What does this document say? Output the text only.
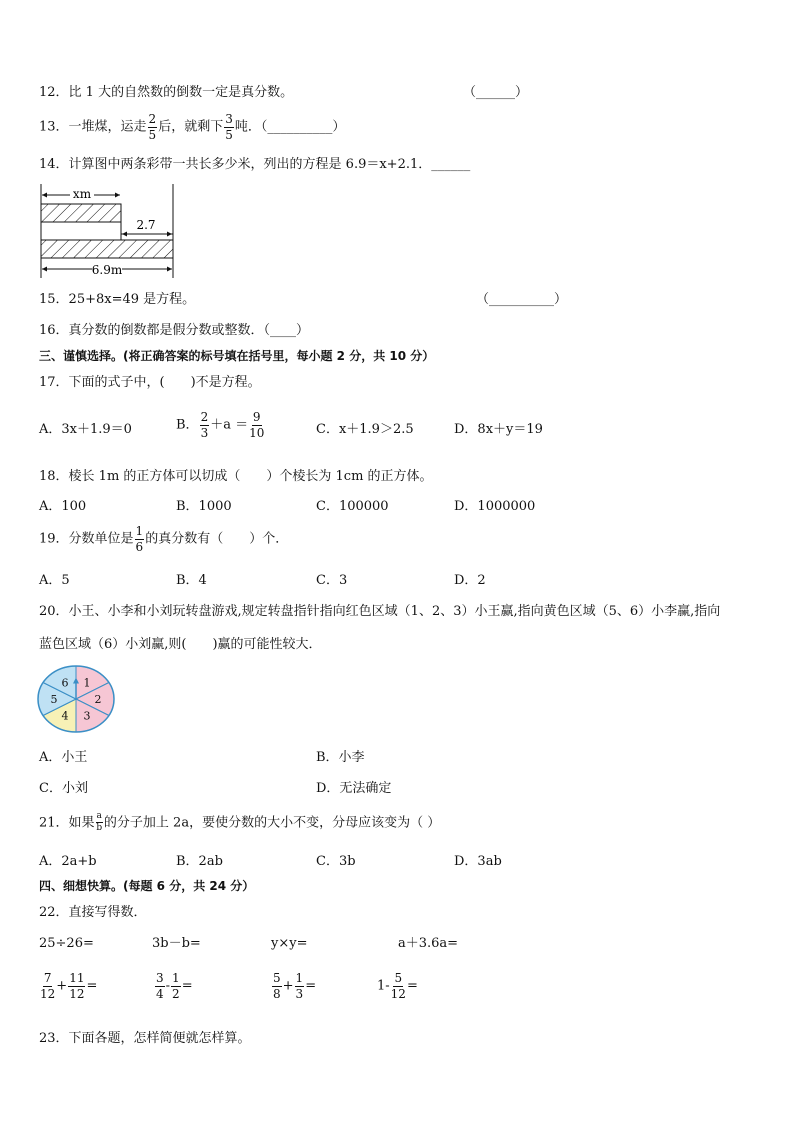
12．比 1 大的自然数的倒数一定是真分数。	（______）
13．一堆煤，运走 $\frac{2}{5}$ 后，就剩下 $\frac{3}{5}$ 吨．（__________）
14．计算图中两条彩带一共长多少米，列出的方程是 6.9＝x+2.1．______
xm
2.7
6.9m
15．25+8x=49 是方程。	（__________）
16．真分数的倒数都是假分数或整数．（____）
三、谨慎选择。(将正确答案的标号填在括号里，每小题 2 分，共 10 分）
17．下面的式子中，(　　)不是方程。
A．3x＋1.9＝0	B． $\frac{2}{3} +a = \frac{9}{10}$	C．x＋1.9＞2.5	D．8x＋y＝19
18．棱长 1m 的正方体可以切成（　　）个棱长为 1cm 的正方体。
A．100	B．1000	C．100000	D．1000000
19．分数单位是 $\frac{1}{6}$ 的真分数有（　　）个．
A．5	B．4	C．3	D．2
20．小王、小李和小刘玩转盘游戏,规定转盘指针指向红色区域（1、2、3）小王赢,指向黄色区域（5、6）小李赢,指向
蓝色区域（6）小刘赢,则(　　)赢的可能性较大．
1
2
3
4
5
6
A．小王	B．小李
C．小刘	D．无法确定
21．如果 $\frac{a}{b}$ 的分子加上 2a，要使分数的大小不变，分母应该变为（ ）
A．2a+b	B．2ab	C．3b	D．3ab
四、细想快算。(每题 6 分，共 24 分）
22．直接写得数．
25÷26=	3b－b=	y×y=	a＋3.6a=
$\frac{7}{12} + \frac{11}{12}$ =	$\frac{3}{4} - \frac{1}{2}$ =	$\frac{5}{8} + \frac{1}{3}$ =	$1- \frac{5}{12}$ =
23．下面各题，怎样简便就怎样算。
